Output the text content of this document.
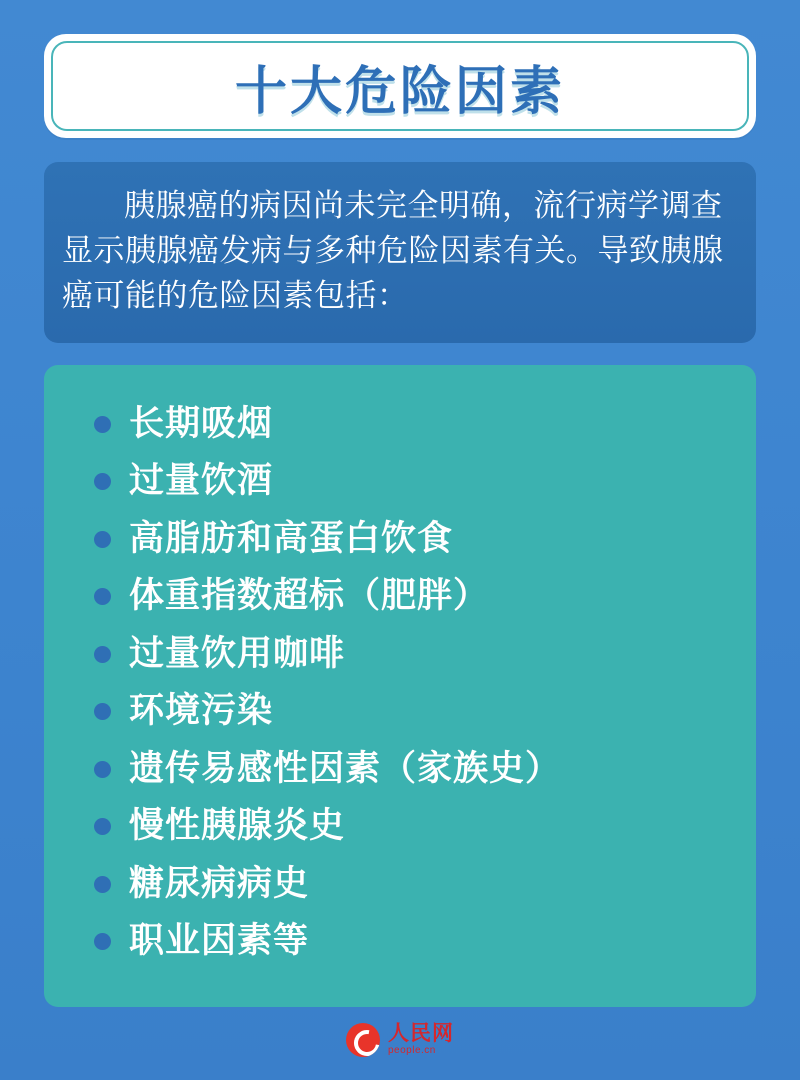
十大危险因素
胰腺癌的病因尚未完全明确，流行病学调查显示胰腺癌发病与多种危险因素有关。导致胰腺癌可能的危险因素包括：
长期吸烟
过量饮酒
高脂肪和高蛋白饮食
体重指数超标（肥胖）
过量饮用咖啡
环境污染
遗传易感性因素（家族史）
慢性胰腺炎史
糖尿病病史
职业因素等
人民网
people.cn
